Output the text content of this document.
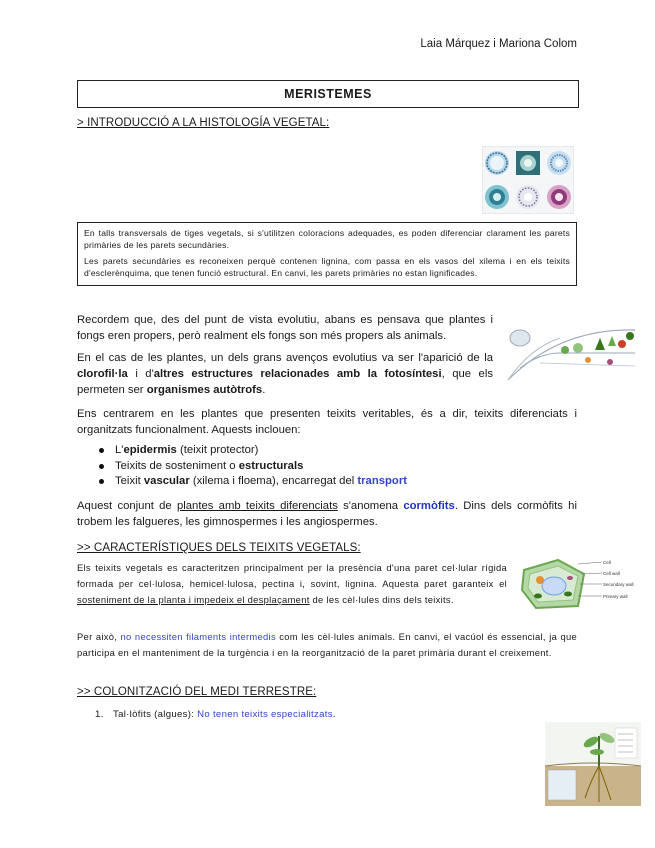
Laia Márquez i Mariona Colom
MERISTEMES
> INTRODUCCIÓ A LA HISTOLOGÍA VEGETAL:

En talls transversals de tiges vegetals, si s'utilitzen coloracions adequades, es poden diferenciar clarament les parets primàries de les parets secundàries.

Les parets secundàries es reconeixen perquè contenen lignina, com passa en els vasos del xilema i en els teixits d'esclerènquima, que tenen funció estructural. En canvi, les parets primàries no estan lignificades.

Recordem que, des del punt de vista evolutiu, abans es pensava que plantes i fongs eren propers, però realment els fongs son més propers als animals.
En el cas de les plantes, un dels grans avenços evolutius va ser l'aparició de la clorofil·la i d'altres estructures relacionades amb la fotosíntesi, que els permeten ser organismes autòtrofs.
Ens centrarem en les plantes que presenten teixits veritables, és a dir, teixits diferenciats i organitzats funcionalment. Aquests inclouen:
L'epidermis (teixit protector)
Teixits de sosteniment o estructurals
Teixit vascular (xilema i floema), encarregat del transport
Aquest conjunt de plantes amb teixits diferenciats s'anomena cormòfits. Dins dels cormòfits hi trobem les falgueres, les gimnospermes i les angiospermes.
>> CARACTERÍSTIQUES DELS TEIXITS VEGETALS:
Cell
Cell wall
Secondary wall
Primary wall
Els teixits vegetals es caracteritzen principalment per la presència d'una paret cel·lular rígida formada per cel·lulosa, hemicel·lulosa, pectina i, sovint, lignina. Aquesta paret garanteix el sosteniment de la planta i impedeix el desplaçament de les cèl·lules dins dels teixits.
Per això, no necessiten filaments intermedis com les cèl·lules animals. En canvi, el vacúol és essencial, ja que participa en el manteniment de la turgència i en la reorganització de la paret primària durant el creixement.
>> COLONITZACIÓ DEL MEDI TERRESTRE:
1. Tal·lòfits (algues): No tenen teixits especialitzats.
